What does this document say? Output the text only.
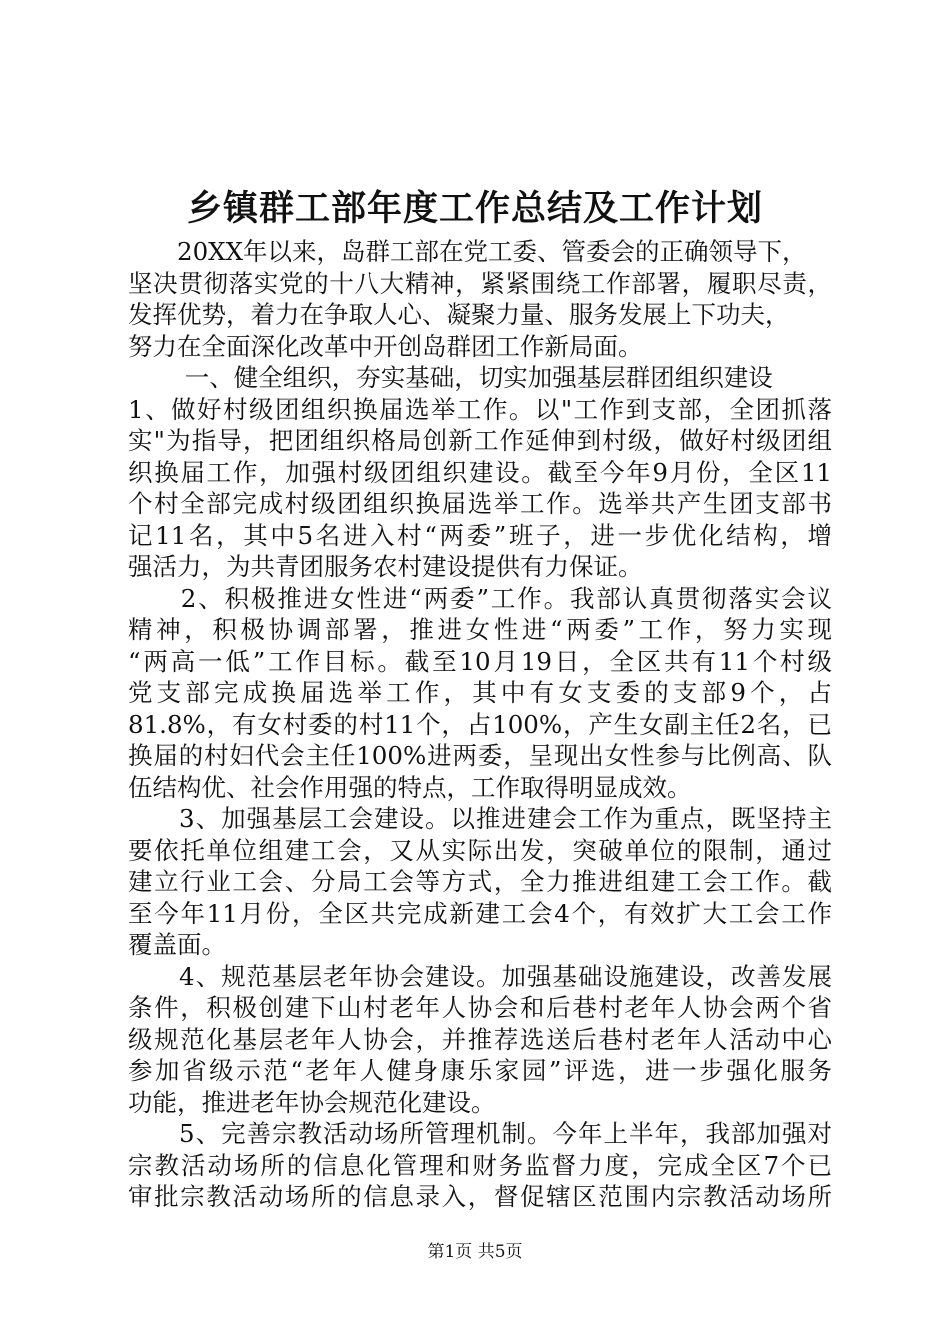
乡镇群工部年度工作总结及工作计划
　　20XX年以来，岛群工部在党工委、管委会的正确领导下，
坚决贯彻落实党的十八大精神，紧紧围绕工作部署，履职尽责，
发挥优势，着力在争取人心、凝聚力量、服务发展上下功夫，
努力在全面深化改革中开创岛群团工作新局面。
　　 一、健全组织，夯实基础，切实加强基层群团组织建设
1、做好村级团组织换届选举工作。以"工作到支部，全团抓落
实"为指导，把团组织格局创新工作延伸到村级，做好村级团组
织换届工作，加强村级团组织建设。截至今年9月份，全区11
个村全部完成村级团组织换届选举工作。选举共产生团支部书
记11名，其中5名进入村“两委”班子，进一步优化结构，增
强活力，为共青团服务农村建设提供有力保证。
　　2、积极推进女性进“两委”工作。我部认真贯彻落实会议
精神，积极协调部署，推进女性进“两委”工作，努力实现
“两高一低”工作目标。截至10月19日，全区共有11个村级
党支部完成换届选举工作，其中有女支委的支部9个，占
81.8%，有女村委的村11个，占100%，产生女副主任2名，已
换届的村妇代会主任100%进两委，呈现出女性参与比例高、队
伍结构优、社会作用强的特点，工作取得明显成效。
　　3、加强基层工会建设。以推进建会工作为重点，既坚持主
要依托单位组建工会，又从实际出发，突破单位的限制，通过
建立行业工会、分局工会等方式，全力推进组建工会工作。截
至今年11月份，全区共完成新建工会4个，有效扩大工会工作
覆盖面。
　　4、规范基层老年协会建设。加强基础设施建设，改善发展
条件，积极创建下山村老年人协会和后巷村老年人协会两个省
级规范化基层老年人协会，并推荐选送后巷村老年人活动中心
参加省级示范“老年人健身康乐家园”评选，进一步强化服务
功能，推进老年协会规范化建设。
　　5、完善宗教活动场所管理机制。今年上半年，我部加强对
宗教活动场所的信息化管理和财务监督力度，完成全区7个已
审批宗教活动场所的信息录入，督促辖区范围内宗教活动场所
第1页 共5页
